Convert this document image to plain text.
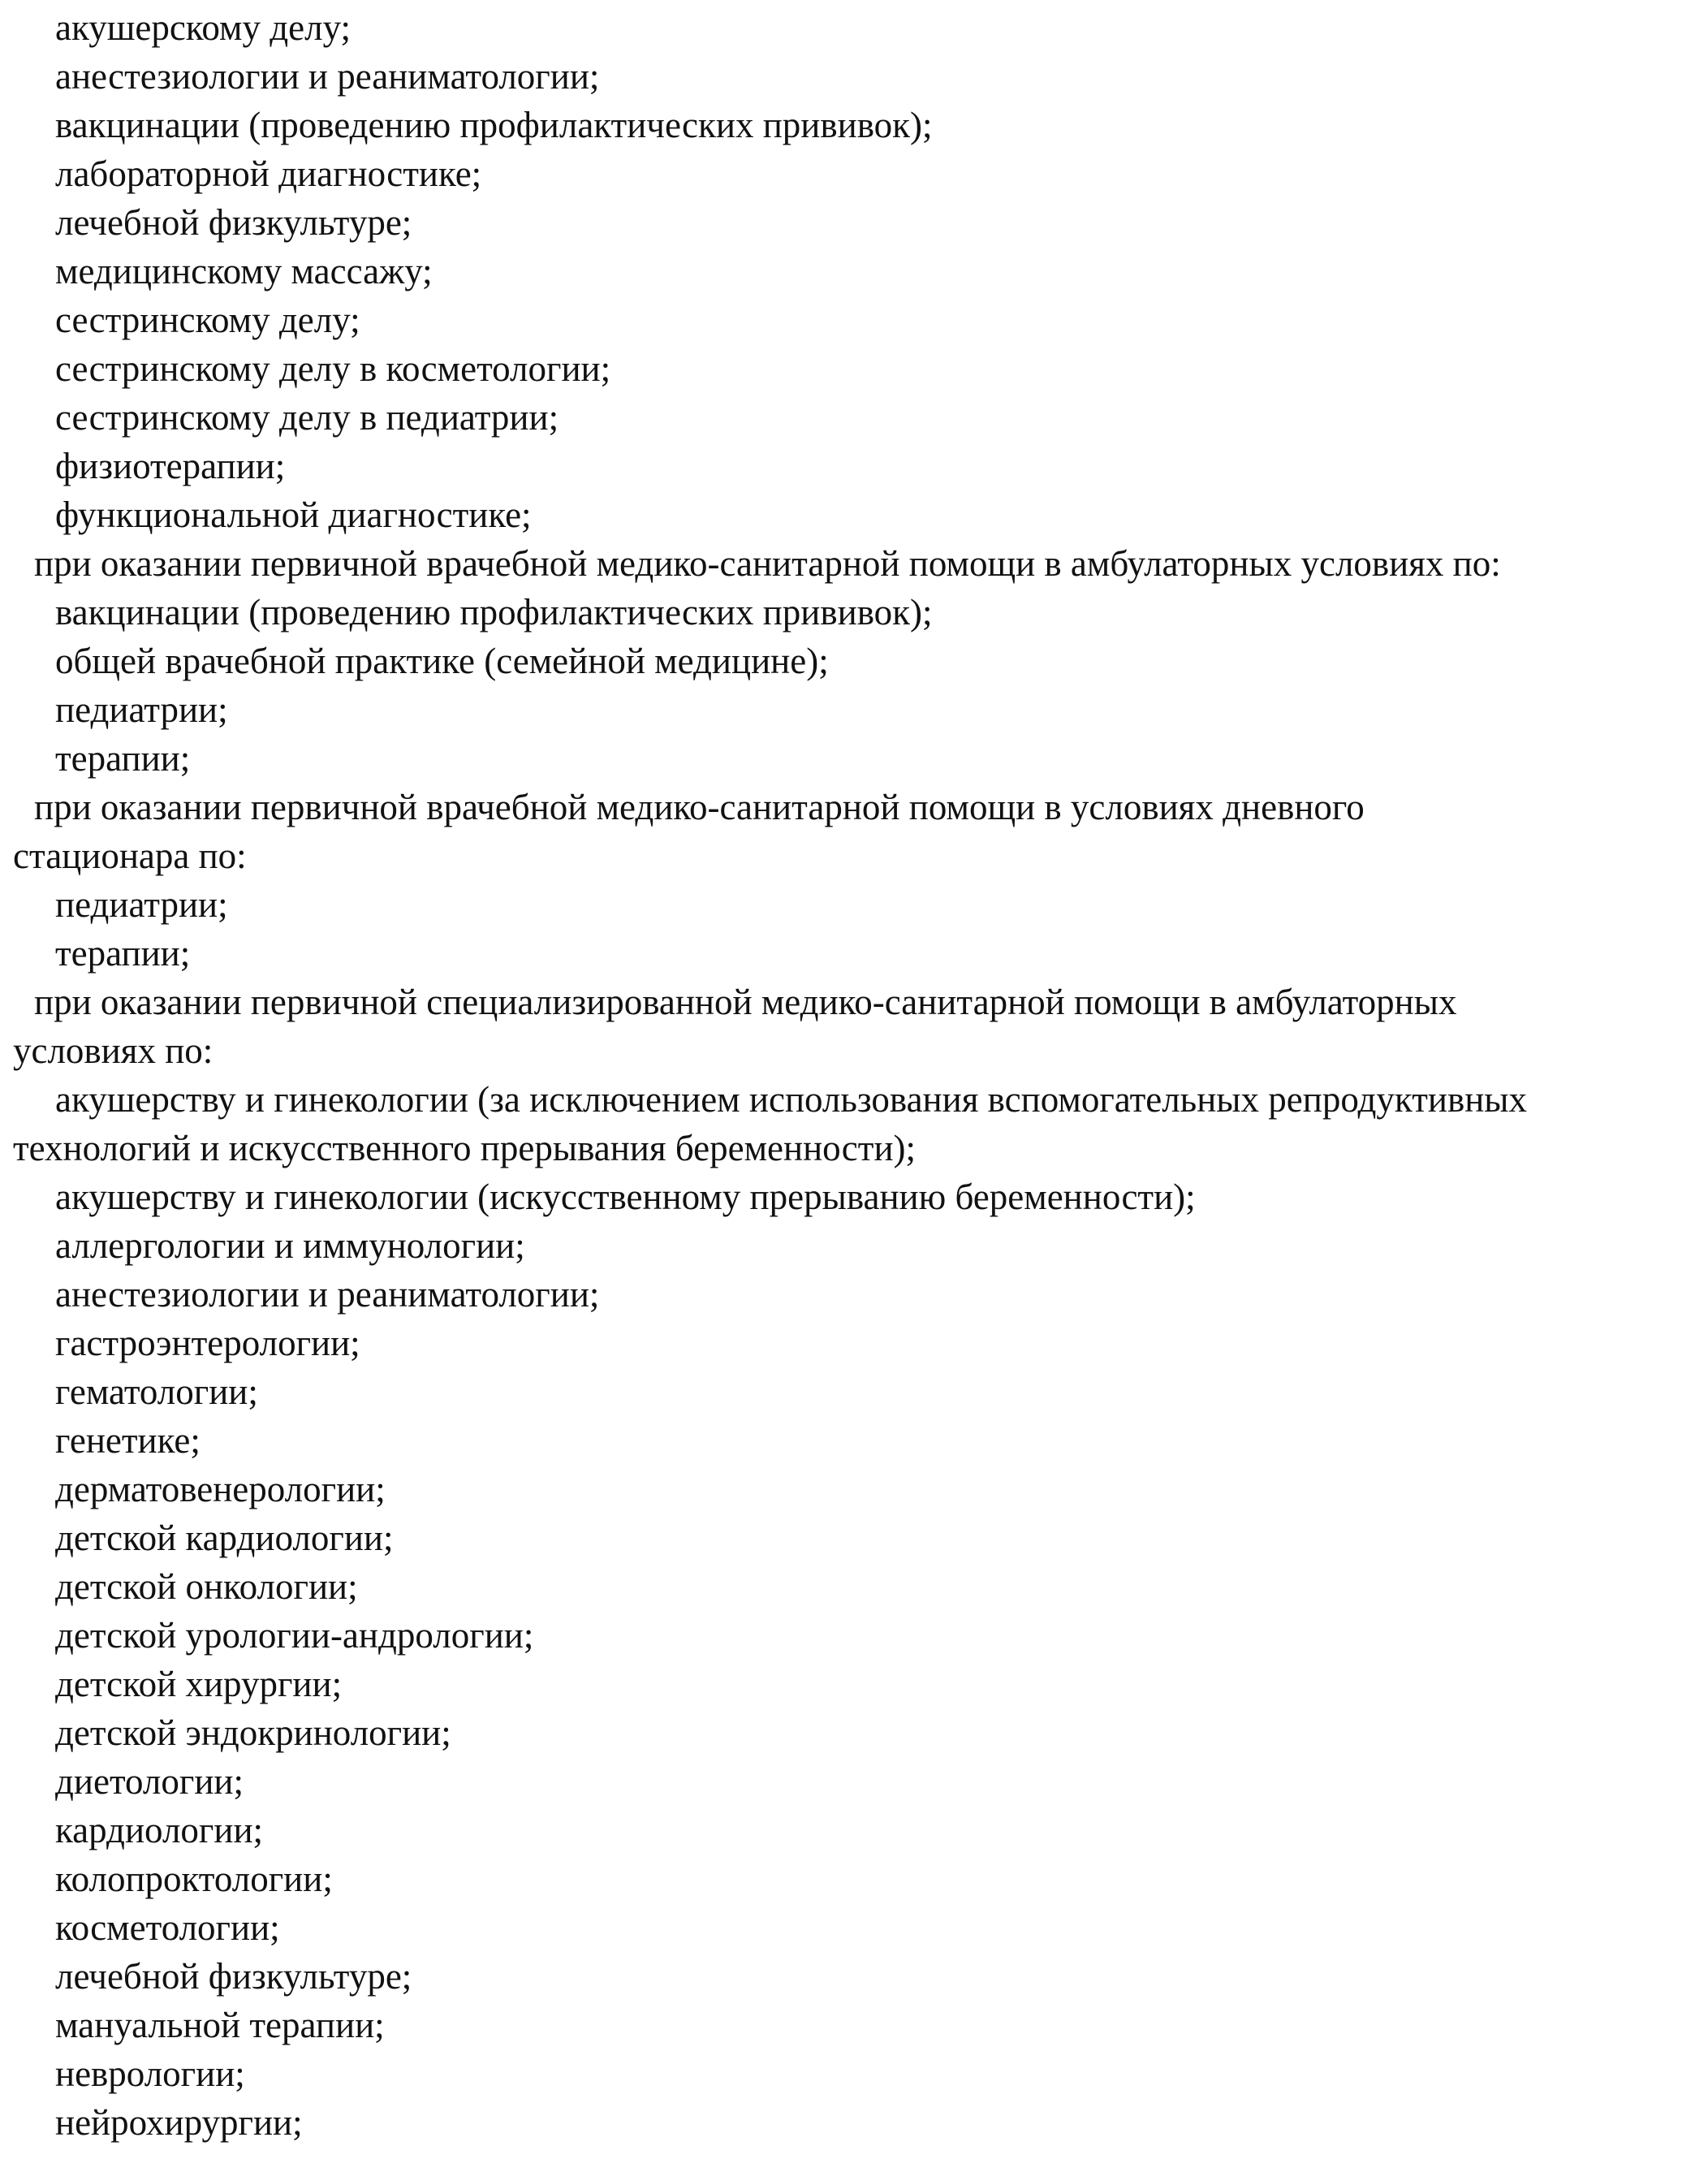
акушерскому делу;

анестезиологии и реаниматологии;

вакцинации (проведению профилактических прививок);

лабораторной диагностике;

лечебной физкультуре;

медицинскому массажу;

сестринскому делу;

сестринскому делу в косметологии;

сестринскому делу в педиатрии;

физиотерапии;

функциональной диагностике;

при оказании первичной врачебной медико-санитарной помощи в амбулаторных условиях по:

вакцинации (проведению профилактических прививок);

общей врачебной практике (семейной медицине);

педиатрии;

терапии;

при оказании первичной врачебной медико-санитарной помощи в условиях дневного

стационара по:

педиатрии;

терапии;

при оказании первичной специализированной медико-санитарной помощи в амбулаторных

условиях по:

акушерству и гинекологии (за исключением использования вспомогательных репродуктивных

технологий и искусственного прерывания беременности);

акушерству и гинекологии (искусственному прерыванию беременности);

аллергологии и иммунологии;

анестезиологии и реаниматологии;

гастроэнтерологии;

гематологии;

генетике;

дерматовенерологии;

детской кардиологии;

детской онкологии;

детской урологии-андрологии;

детской хирургии;

детской эндокринологии;

диетологии;

кардиологии;

колопроктологии;

косметологии;

лечебной физкультуре;

мануальной терапии;

неврологии;

нейрохирургии;
